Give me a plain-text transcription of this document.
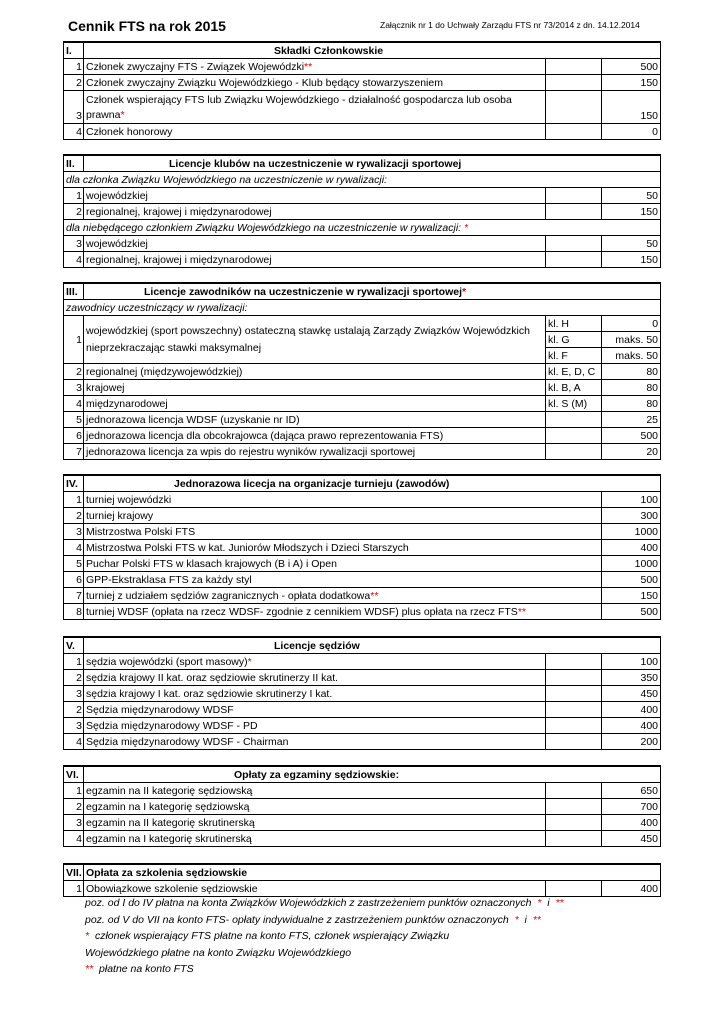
Cennik FTS na rok 2015	Załącznik nr 1 do Uchwały Zarządu FTS nr 73/2014 z dn. 14.12.2014
I.	Składki Członkowskie		
1	Członek zwyczajny FTS - Związek Wojewódzki**		500
2	Członek zwyczajny Związku Wojewódzkiego - Klub będący stowarzyszeniem		150
3	Członek wspierający FTS lub Związku Wojewódzkiego - działalność gospodarcza lub osoba
prawna*		150
4	Członek honorowy		0
II.	Licencje klubów na uczestniczenie w rywalizacji sportowej		
dla członka Związku Wojewódzkiego na uczestniczenie w rywalizacji:			
1	wojewódzkiej		50
2	regionalnej, krajowej i międzynarodowej		150
dla niebędącego członkiem Związku Wojewódzkiego na uczestniczenie w rywalizacji: *			
3	wojewódzkiej		50
4	regionalnej, krajowej i międzynarodowej		150
III.	Licencje zawodników na uczestniczenie w rywalizacji sportowej*		
zawodnicy uczestniczący w rywalizacji:			
1	wojewódzkiej (sport powszechny) ostateczną stawkę ustalają Zarządy Związków Wojewódzkich nieprzekraczając stawki maksymalnej	kl. H	0
		kl. G	maks. 50
		kl. F	maks. 50
2	regionalnej (międzywojewódzkiej)	kl. E, D, C	80
3	krajowej	kl. B, A	80
4	międzynarodowej	kl. S (M)	80
5	jednorazowa licencja WDSF (uzyskanie nr ID)		25
6	jednorazowa licencja dla obcokrajowca (dająca prawo reprezentowania FTS)		500
7	jednorazowa licencja za wpis do rejestru wyników rywalizacji sportowej		20
IV.	Jednorazowa licecja na organizacje turnieju (zawodów)	
1	turniej wojewódzki	100
2	turniej krajowy	300
3	Mistrzostwa Polski FTS	1000
4	Mistrzostwa Polski FTS w kat. Juniorów Młodszych i Dzieci Starszych	400
5	Puchar Polski FTS w klasach krajowych (B i A) i Open	1000
6	GPP-Ekstraklasa FTS za każdy styl	500
7	turniej z udziałem sędziów zagranicznych - opłata dodatkowa**	150
8	turniej WDSF (opłata na rzecz WDSF- zgodnie z cennikiem WDSF) plus opłata na rzecz FTS**	500
V.	Licencje sędziów		
1	sędzia wojewódzki (sport masowy)*		100
2	sędzia krajowy II kat. oraz sędziowie skrutinerzy II kat.		350
3	sędzia krajowy I kat. oraz sędziowie skrutinerzy I kat.		450
2	Sędzia międzynarodowy WDSF		400
3	Sędzia międzynarodowy WDSF - PD		400
4	Sędzia międzynarodowy WDSF - Chairman		200
VI.	Opłaty za egzaminy sędziowskie:		
1	egzamin na II kategorię sędziowską		650
2	egzamin na I kategorię sędziowską		700
3	egzamin na II kategorię skrutinerską		400
4	egzamin na I kategorię skrutinerską		450
VII.	Opłata za szkolenia sędziowskie		
1	Obowiązkowe szkolenie sędziowskie		400
poz. od I do IV płatna na konta Związków Wojewódzkich z zastrzeżeniem punktów oznaczonych * i **
poz. od V do VII na konto FTS- opłaty indywidualne z zastrzeżeniem punktów oznaczonych * i **
* członek wspierający FTS płatne na konto FTS, członek wspierający Związku
Wojewódzkiego płatne na konto Związku Wojewódzkiego
** płatne na konto FTS
